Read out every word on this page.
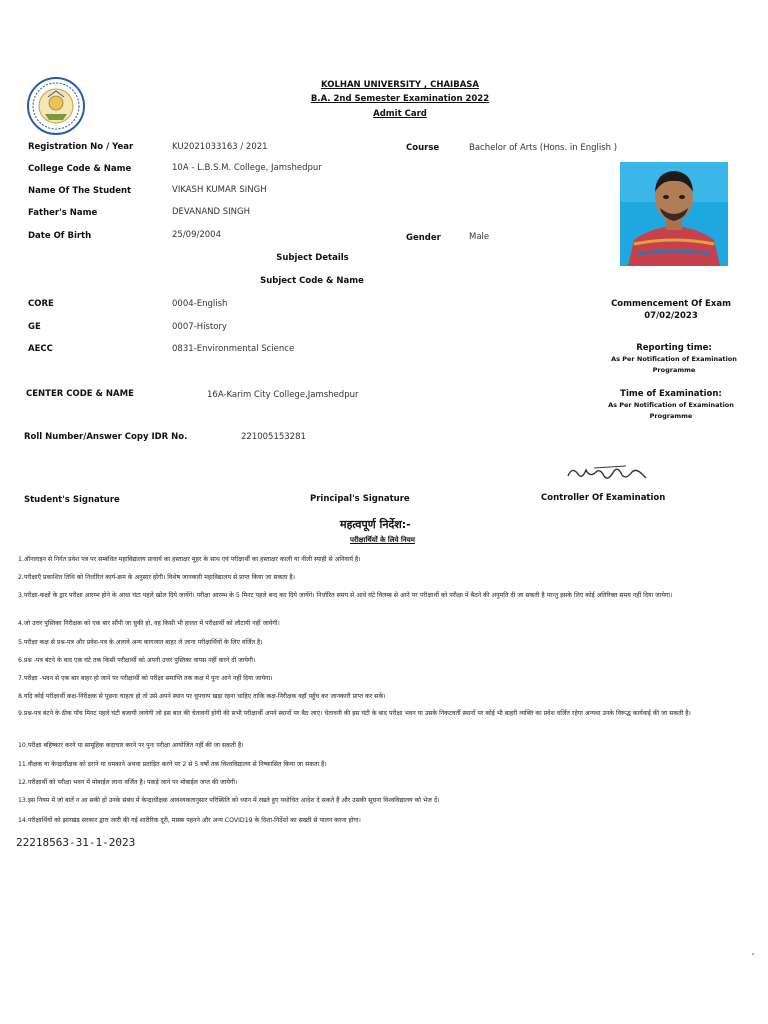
KOLHAN UNIVERSITY , CHAIBASA
B.A. 2nd Semester Examination 2022
Admit Card
Registration No / Year	KU2021033163 / 2021	Course	Bachelor of Arts (Hons. in English )
College Code & Name	10A - L.B.S.M. College, Jamshedpur
Name Of The Student	VIKASH KUMAR SINGH
Father's Name	DEVANAND SINGH
Date Of Birth	25/09/2004	Gender	Male
Subject Details
Subject Code & Name
CORE	0004-English
GE	0007-History
AECC	0831-Environmental Science
Commencement Of Exam
07/02/2023
Reporting time:
As Per Notification of Examination
Programme
Time of Examination:
As Per Notification of Examination
Programme
CENTER CODE & NAME	16A-Karim City College,Jamshedpur
Roll Number/Answer Copy IDR No.	221005153281
Student's Signature	Principal's Signature	Controller Of Examination
महत्वपूर्ण निर्देश:-
परीक्षार्थियों के लिये नियम
1.ऑनलाइन से निर्गत प्रवेश पत्र पर सम्बंधित महाविद्यालय प्राचार्य का हस्ताक्षर मुहर के साथ एवं परीक्षार्थी का हस्ताक्षर काली या नीली स्याही से अनिवार्य है।
2.परीक्षाएँ प्रकाशित तिथि को निर्धारित कार्य-क्रम के अनुसार होंगी। विशेष जानकारी महाविद्यालय से प्राप्त किया जा सकता है।
3.परीक्षा-कक्षों के द्वार परीक्षा आरम्भ होने के आधा घंटा पहले खोल दिये जायेंगे। परीक्षा आरम्भ के 5 मिनट पहले बन्द कर दिये जायेंगे। निर्धारित समय से आधे घंटे विलम्ब से आने पर परीक्षार्थी को परीक्षा में बैठने की अनुमति दी जा सकती है परन्तु इसके लिए कोई अतिरिक्त समय नहीं दिया जायेगा।
4.जो उत्तर पुस्तिका निरीक्षक को एक बार सौंपी जा चुकी हो, वह किसी भी हालत में परीक्षार्थी को लौटायी नहीं जायेगी।
5.परीक्षा कक्ष से प्रश्न-पत्र और प्रवेश-पत्र के अलावे अन्य कागजात बाहर ले जाना परीक्षार्थियों के लिए वर्जित है।
6.प्रश्न -पत्र बंटने के बाद एक घंटे तक किसी परीक्षार्थी को अपनी उत्तर पुस्तिका वापस नहीं करने दी जायेगी।
7.परीक्षा -भवन से एक बार बाहर हो जाने पर परीक्षार्थी को परीक्षा समाप्ति तक कक्ष में पुनः आने नहीं दिया जायेगा।
8.यदि कोई परीक्षार्थी कक्ष-निरीक्षक से पूछना चाहता हो तो उसे अपने स्थान पर चुपचाप खड़ा रहना चाहिए ताकि कक्ष-निरीक्षक वहाँ पहुँच कर जानकारी प्राप्त कर सकें।
9.प्रश्न-पत्र बंटने के ठीक पाँच मिनट पहले घंटी बजायी जायेगी जो इस बात की चेतावनी होगी की सभी परीक्षार्थी अपने स्थानों पर बैठ जाएं। चेतावनी की इस घंटी के बाद परीक्षा भवन या उसके निकटवर्ती स्थानों पर कोई भी बाहरी व्यक्ति का प्रवेश वर्जित रहेगा अन्यथा उनके विरूद्ध कार्यवाई की जा सकती है।
10.परीक्षा बहिष्कार करने या सामूहिक कदाचार करने पर पुनः परीक्षा आयोजित नहीं की जा सकती है।
11.वीक्षक या केन्द्राधीक्षक को डराने या धमकाने अथवा प्रताड़ित करने पर 2 से 5 वर्षों तक विश्वविद्यालय से निष्कासित किया जा सकता है।
12.परीक्षार्थी को परीक्षा भवन में मोबाईल लाना वर्जित है। पकड़े जाने पर मोबाईल जप्त की जायेगी।
13.इस नियम में जो बातें न आ सकी हों उनके संबंध में केन्द्राधीक्षक आवश्यकतानुसार परिस्थिति को ध्यान में रखते हुए यथोचित आदेश दे सकते हैं और उसकी सूचना विश्वविद्यालय को भेज दें।
14.परीक्षार्थियों को झारखंड सरकार द्वारा जारी की गई शारीरिक दूरी, मास्क पहनने और अन्य COVID19 के दिशा-निर्देशों का सख्ती से पालन करना होगा।
22218563-31-1-2023
